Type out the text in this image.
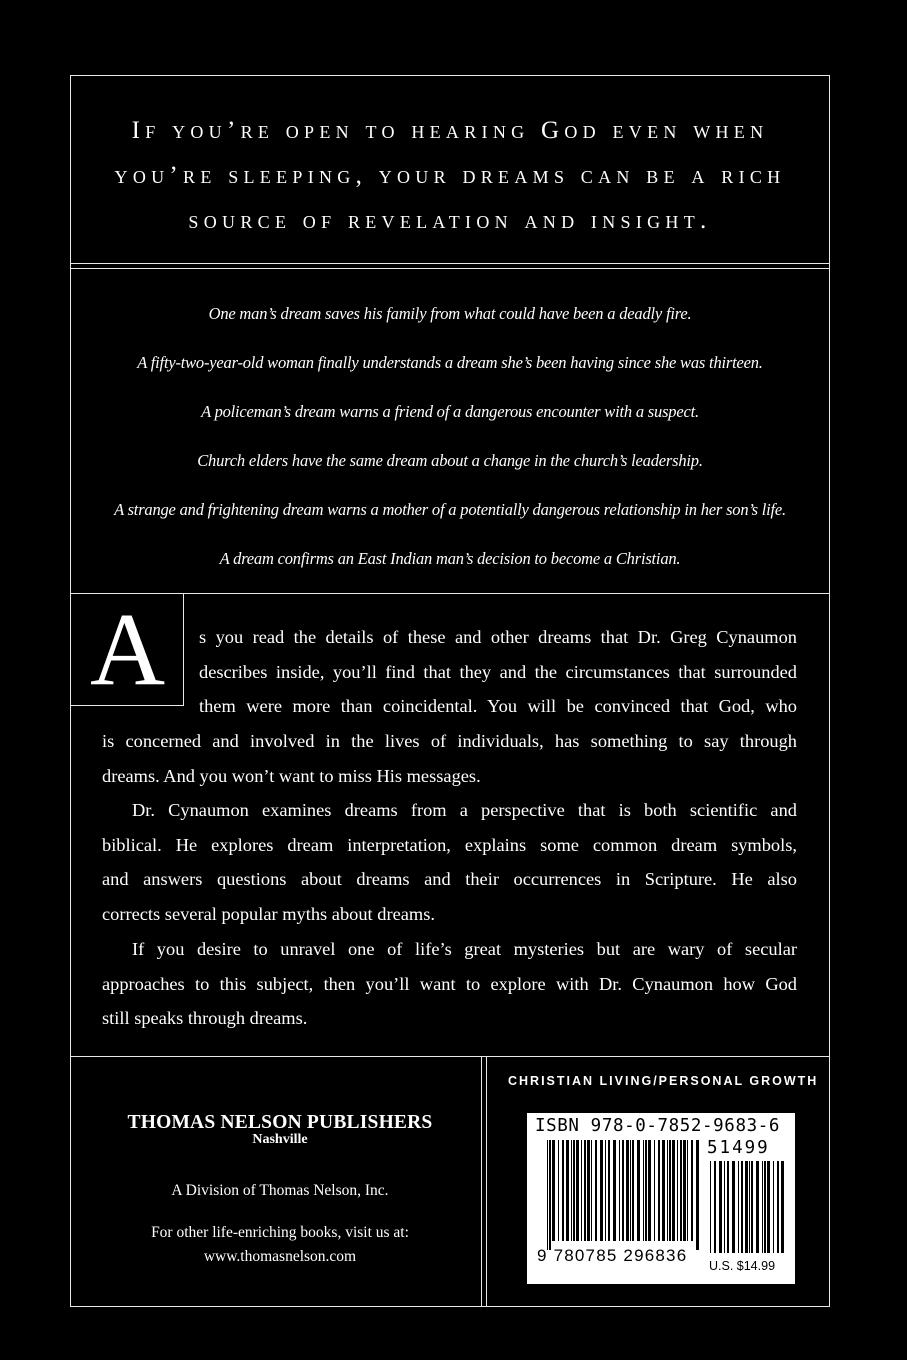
If you’re open to hearing God even when
you’re sleeping, your dreams can be a rich
source of revelation and insight.

One man’s dream saves his family from what could have been a deadly fire.

A fifty-two-year-old woman finally understands a dream she’s been having since she was thirteen.

A policeman’s dream warns a friend of a dangerous encounter with a suspect.

Church elders have the same dream about a change in the church’s leadership.

A strange and frightening dream warns a mother of a potentially dangerous relationship in her son’s life.

A dream confirms an East Indian man’s decision to become a Christian.

A	s you read the details of these and other dreams that Dr. Greg Cynaumon
describes inside, you’ll find that they and the circumstances that surrounded
them were more than coincidental. You will be convinced that God, who
is concerned and involved in the lives of individuals, has something to say through
dreams. And you won’t want to miss His messages.
Dr. Cynaumon examines dreams from a perspective that is both scientific and
biblical. He explores dream interpretation, explains some common dream symbols,
and answers questions about dreams and their occurrences in Scripture. He also
corrects several popular myths about dreams.
If you desire to unravel one of life’s great mysteries but are wary of secular
approaches to this subject, then you’ll want to explore with Dr. Cynaumon how God
still speaks through dreams.
THOMAS NELSON PUBLISHERS
Nashville
A Division of Thomas Nelson, Inc.
For other life-enriching books, visit us at:
www.thomasnelson.com
CHRISTIAN LIVING/PERSONAL GROWTH
ISBN 978-0-7852-9683-6
51499
9 780785 296836
U.S. $14.99
